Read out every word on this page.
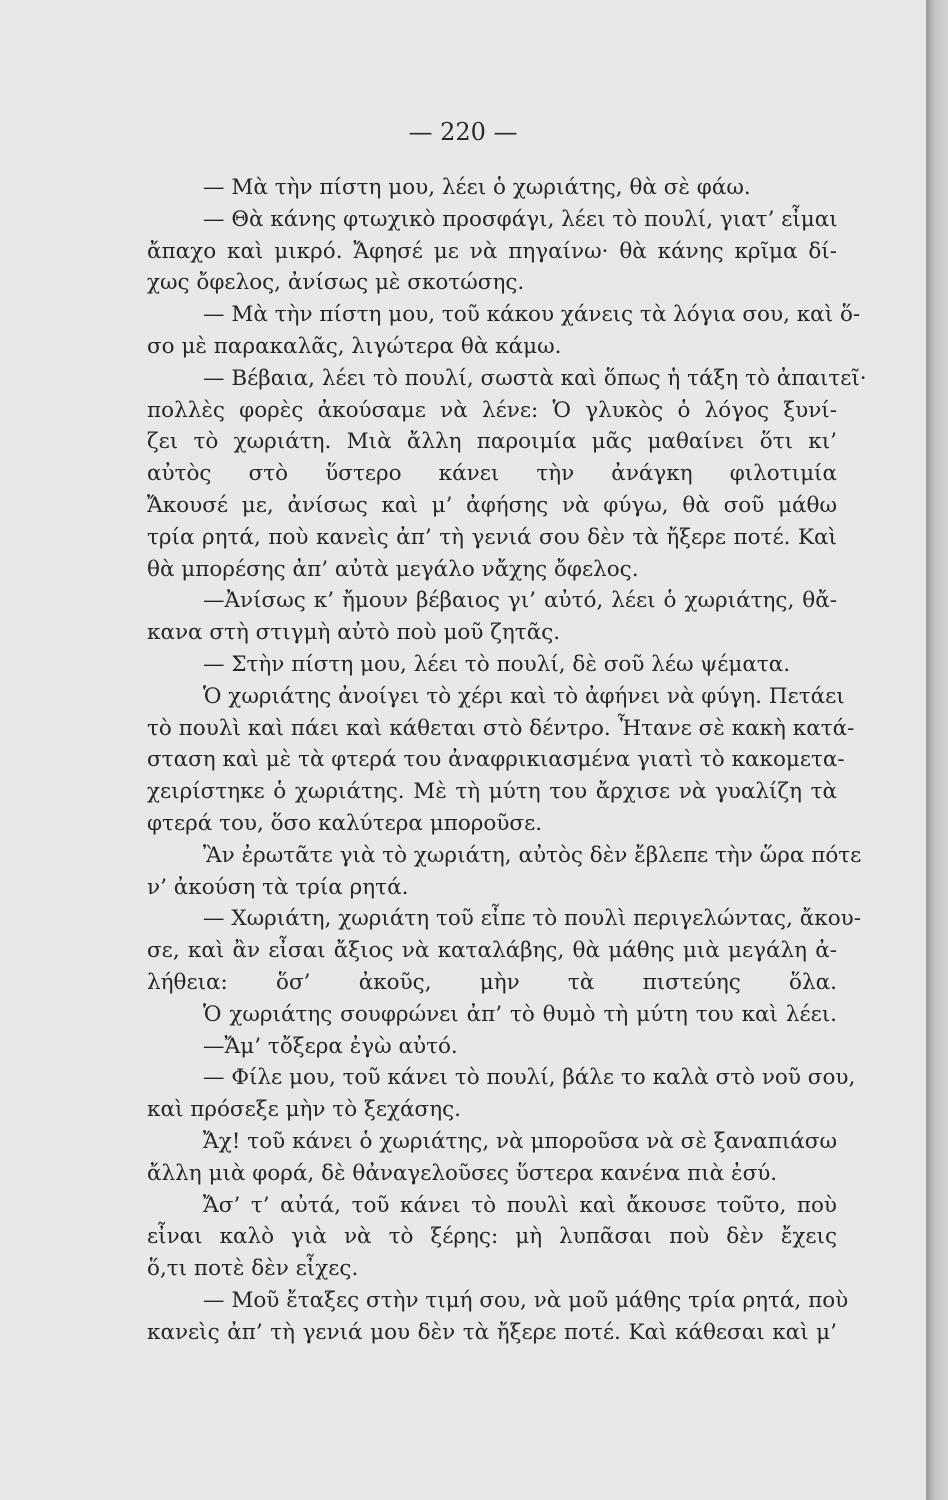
— 220 —
— Μὰ τὴν πίστη μου, λέει ὁ χωριάτης, θὰ σὲ φάω.
— Θὰ κάνης φτωχικὸ προσφάγι, λέει τὸ πουλί, γιατ’ εἶμαι
ἄπαχο καὶ μικρό. Ἄφησέ με νὰ πηγαίνω· θὰ κάνης κρῖμα δί-
χως ὄφελος, ἀνίσως μὲ σκοτώσης.
— Μὰ τὴν πίστη μου, τοῦ κάκου χάνεις τὰ λόγια σου, καὶ ὅ-
σο μὲ παρακαλᾶς, λιγώτερα θὰ κάμω.
— Βέβαια, λέει τὸ πουλί, σωστὰ καὶ ὅπως ἡ τάξη τὸ ἀπαιτεῖ·
πολλὲς φορὲς ἀκούσαμε νὰ λένε: Ὁ γλυκὸς ὁ λόγος ξυνί-
ζει τὸ χωριάτη. Μιὰ ἄλλη παροιμία μᾶς μαθαίνει ὅτι κι’
αὐτὸς στὸ ὕστερο κάνει τὴν ἀνάγκη φιλοτιμία
Ἄκουσέ με, ἀνίσως καὶ μ’ ἀφήσης νὰ φύγω, θὰ σοῦ μάθω
τρία ρητά, ποὺ κανεὶς ἀπ’ τὴ γενιά σου δὲν τὰ ἤξερε ποτέ. Καὶ
θὰ μπορέσης ἀπ’ αὐτὰ μεγάλο νἄχης ὄφελος.
—Ἀνίσως κ’ ἤμουν βέβαιος γι’ αὐτό, λέει ὁ χωριάτης, θἄ-
κανα στὴ στιγμὴ αὐτὸ ποὺ μοῦ ζητᾶς.
— Στὴν πίστη μου, λέει τὸ πουλί, δὲ σοῦ λέω ψέματα.
Ὁ χωριάτης ἀνοίγει τὸ χέρι καὶ τὸ ἀφήνει νὰ φύγη. Πετάει
τὸ πουλὶ καὶ πάει καὶ κάθεται στὸ δέντρο. Ἦτανε σὲ κακὴ κατά-
σταση καὶ μὲ τὰ φτερά του ἀναφρικιασμένα γιατὶ τὸ κακομετα-
χειρίστηκε ὁ χωριάτης. Μὲ τὴ μύτη του ἄρχισε νὰ γυαλίζη τὰ
φτερά του, ὅσο καλύτερα μποροῦσε.
Ἂν ἐρωτᾶτε γιὰ τὸ χωριάτη, αὐτὸς δὲν ἔβλεπε τὴν ὥρα πότε
ν’ ἀκούση τὰ τρία ρητά.
— Χωριάτη, χωριάτη τοῦ εἶπε τὸ πουλὶ περιγελώντας, ἄκου-
σε, καὶ ἂν εἶσαι ἄξιος νὰ καταλάβης, θὰ μάθης μιὰ μεγάλη ἀ-
λήθεια: ὅσ’ ἀκοῦς, μὴν τὰ πιστεύης ὅλα.
Ὁ χωριάτης σουφρώνει ἀπ’ τὸ θυμὸ τὴ μύτη του καὶ λέει.
—Ἄμ’ τὄξερα ἐγὼ αὐτό.
— Φίλε μου, τοῦ κάνει τὸ πουλί, βάλε το καλὰ στὸ νοῦ σου,
καὶ πρόσεξε μὴν τὸ ξεχάσης.
Ἄχ! τοῦ κάνει ὁ χωριάτης, νὰ μποροῦσα νὰ σὲ ξαναπιάσω
ἄλλη μιὰ φορά, δὲ θἀναγελοῦσες ὕστερα κανένα πιὰ ἐσύ.
Ἄσ’ τ’ αὐτά, τοῦ κάνει τὸ πουλὶ καὶ ἄκουσε τοῦτο, ποὺ
εἶναι καλὸ γιὰ νὰ τὸ ξέρης: μὴ λυπᾶσαι ποὺ δὲν ἔχεις
ὅ,τι ποτὲ δὲν εἶχες.
— Μοῦ ἔταξες στὴν τιμή σου, νὰ μοῦ μάθης τρία ρητά, ποὺ
κανεὶς ἀπ’ τὴ γενιά μου δὲν τὰ ἤξερε ποτέ. Καὶ κάθεσαι καὶ μ’
